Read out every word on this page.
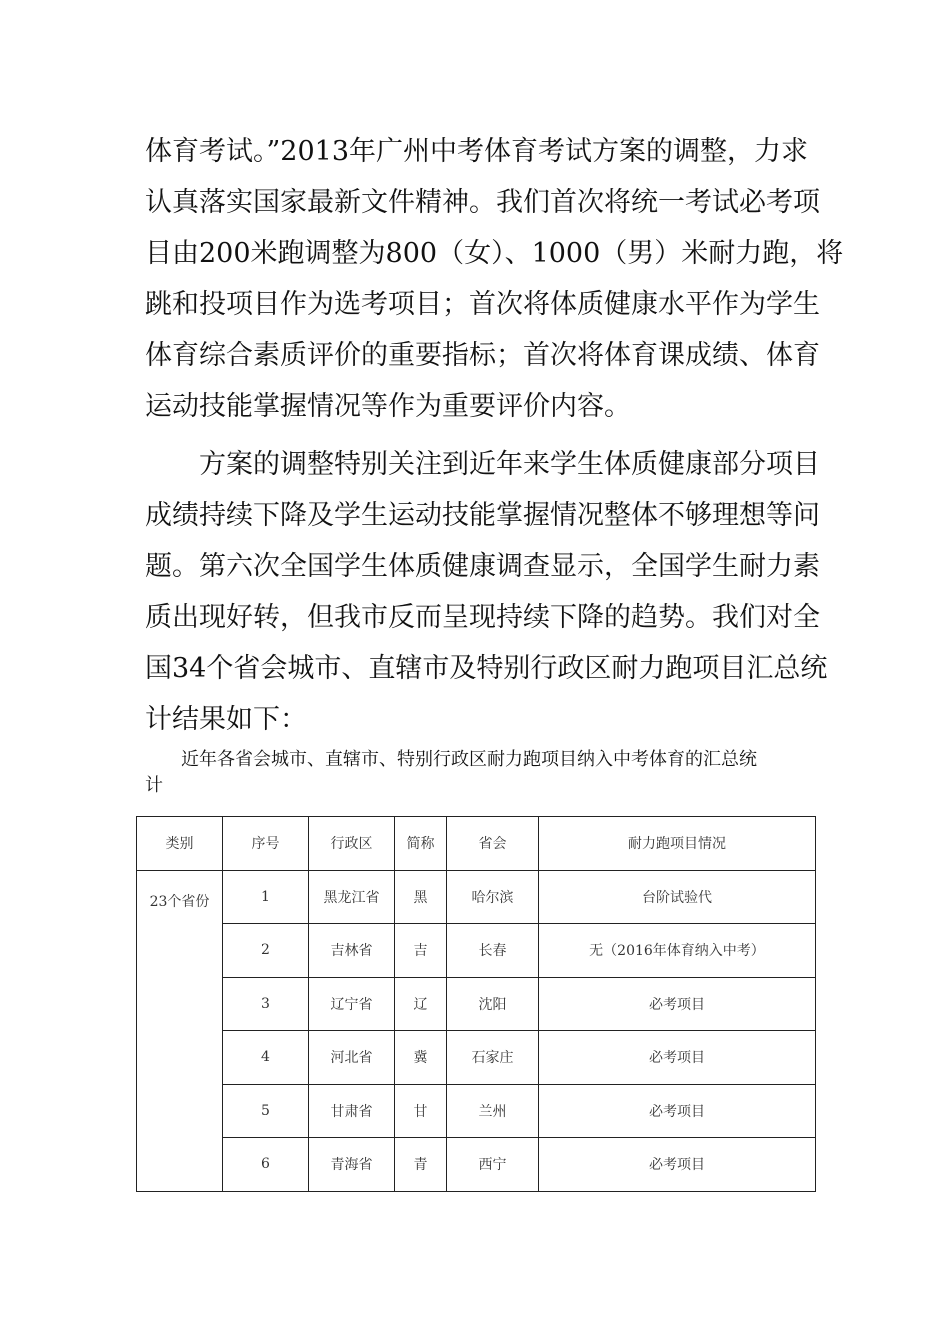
体育考试。”2013年广州中考体育考试方案的调整，力求
认真落实国家最新文件精神。我们首次将统一考试必考项
目由200米跑调整为800（女）、1000（男）米耐力跑，将
跳和投项目作为选考项目；首次将体质健康水平作为学生
体育综合素质评价的重要指标；首次将体育课成绩、体育
运动技能掌握情况等作为重要评价内容。
方案的调整特别关注到近年来学生体质健康部分项目
成绩持续下降及学生运动技能掌握情况整体不够理想等问
题。第六次全国学生体质健康调查显示，全国学生耐力素
质出现好转，但我市反而呈现持续下降的趋势。我们对全
国34个省会城市、直辖市及特别行政区耐力跑项目汇总统
计结果如下：
近年各省会城市、直辖市、特别行政区耐力跑项目纳入中考体育的汇总统
计
类别	序号	行政区	简称	省会	耐力跑项目情况
23个省份	1	黑龙江省	黑	哈尔滨	台阶试验代
	2	吉林省	吉	长春	无（2016年体育纳入中考）
	3	辽宁省	辽	沈阳	必考项目
	4	河北省	冀	石家庄	必考项目
	5	甘肃省	甘	兰州	必考项目
	6	青海省	青	西宁	必考项目
